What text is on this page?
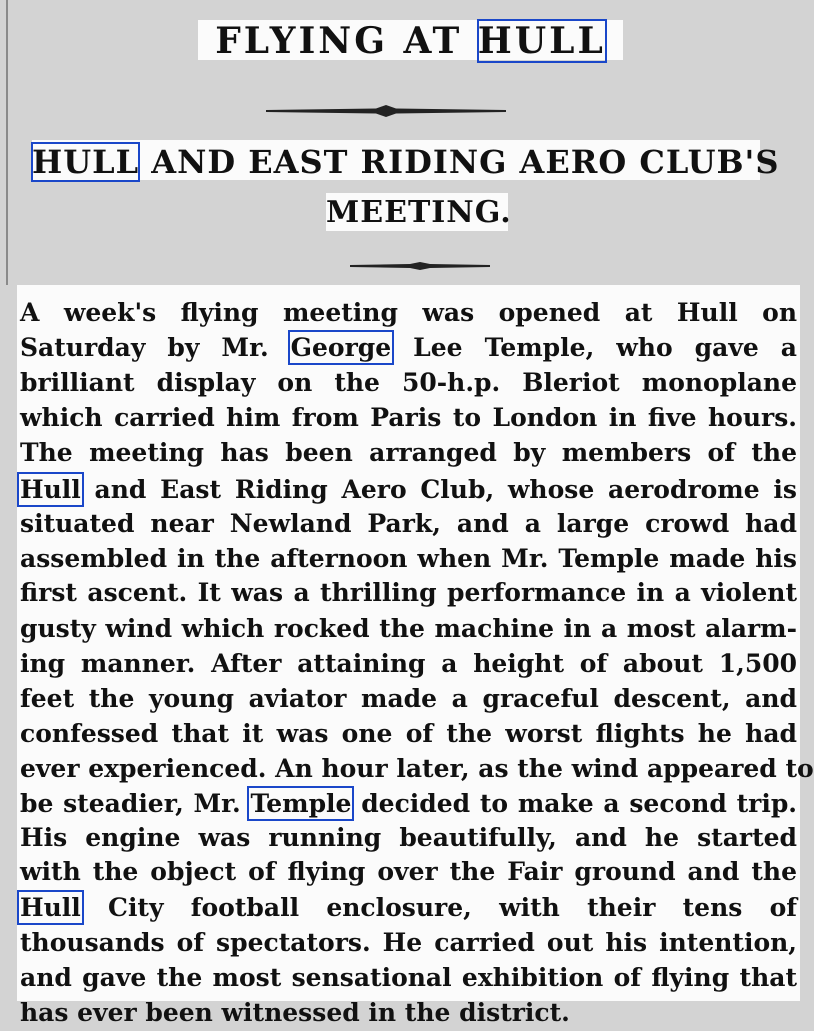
FLYING AT HULL
HULL AND EAST RIDING AERO CLUB'S
MEETING.
A week's flying meeting was opened at Hull on
Saturday by Mr. George Lee Temple, who gave a
brilliant display on the 50-h.p. Bleriot monoplane
which carried him from Paris to London in five hours.
The meeting has been arranged by members of the
Hull and East Riding Aero Club, whose aerodrome is
situated near Newland Park, and a large crowd had
assembled in the afternoon when Mr. Temple made his
first ascent. It was a thrilling performance in a violent
gusty wind which rocked the machine in a most alarm-
ing manner. After attaining a height of about 1,500
feet the young aviator made a graceful descent, and
confessed that it was one of the worst flights he had
ever experienced. An hour later, as the wind appeared to
be steadier, Mr. Temple decided to make a second trip.
His engine was running beautifully, and he started
with the object of flying over the Fair ground and the
Hull City football enclosure, with their tens of
thousands of spectators. He carried out his intention,
and gave the most sensational exhibition of flying that
has ever been witnessed in the district.
